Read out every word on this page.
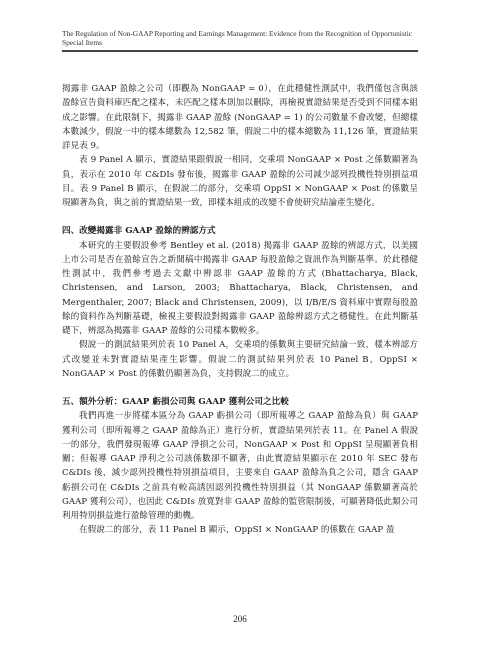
The Regulation of Non-GAAP Reporting and Earnings Management: Evidence from the Recognition of Opportunistic Special Items

揭露非 GAAP 盈餘之公司（即觀為 NonGAAP = 0），在此穩健性測試中，我們僅包含與該盈餘宣告資料庫匹配之樣本，未匹配之樣本則加以刪除，再檢視實證結果是否受到不同樣本組成之影響。在此限制下，揭露非 GAAP 盈餘 (NonGAAP = 1) 的公司數量不會改變，但總樣本數減少，假說一中的樣本總數為 12,582 筆，假說二中的樣本總數為 11,126 筆，實證結果詳見表 9。

表 9 Panel A 顯示，實證結果跟假說一相同，交乘項 NonGAAP × Post 之係數顯著為負，表示在 2010 年 C&DIs 發布後，揭露非 GAAP 盈餘的公司減少認列投機性特別損益項目。表 9 Panel B 顯示，在假說二的部分，交乘項 OppSI × NonGAAP × Post 的係數呈現顯著為負，與之前的實證結果一致，即樣本組成的改變不會使研究結論產生變化。

四、改變揭露非 GAAP 盈餘的辨認方式

本研究的主要假設參考 Bentley et al. (2018) 揭露非 GAAP 盈餘的辨認方式，以美國上市公司是否在盈餘宣告之新聞稿中揭露非 GAAP 每股盈餘之資訊作為判斷基準。於此穩健性測試中，我們參考過去文獻中辨認非 GAAP 盈餘的方式 (Bhattacharya, Black, Christensen, and Larson, 2003; Bhattacharya, Black, Christensen, and Mergenthaler, 2007; Black and Christensen, 2009)，以 I/B/E/S 資料庫中實際每股盈餘的資料作為判斷基礎，檢視主要假設對揭露非 GAAP 盈餘辨認方式之穩健性。在此判斷基礎下，辨認為揭露非 GAAP 盈餘的公司樣本數較多。

假說一的測試結果列於表 10 Panel A，交乘項的係數與主要研究結論一致，樣本辨認方式改變並未對實證結果產生影響。假說二的測試結果列於表 10 Panel B，OppSI × NonGAAP × Post 的係數仍顯著為負，支持假說二的成立。

五、額外分析：GAAP 虧損公司與 GAAP 獲利公司之比較

我們再進一步將樣本區分為 GAAP 虧損公司（即所報導之 GAAP 盈餘為負）與 GAAP 獲利公司（即所報導之 GAAP 盈餘為正）進行分析，實證結果列於表 11。在 Panel A 假說一的部分，我們發現報導 GAAP 淨損之公司，NonGAAP × Post 和 OppSI 呈現顯著負相關；但報導 GAAP 淨利之公司該係數卻不顯著，由此實證結果顯示在 2010 年 SEC 發布 C&DIs 後，減少認列投機性特別損益項目，主要來自 GAAP 盈餘為負之公司，隱含 GAAP 虧損公司在 C&DIs 之前具有較高誘因認列投機性特別損益（其 NonGAAP 係數顯著高於 GAAP 獲利公司），也因此 C&DIs 放寬對非 GAAP 盈餘的監管限制後，可顯著降低此類公司利用特別損益進行盈餘管理的動機。

在假說二的部分，表 11 Panel B 顯示，OppSI × NonGAAP 的係數在 GAAP 盈

206
